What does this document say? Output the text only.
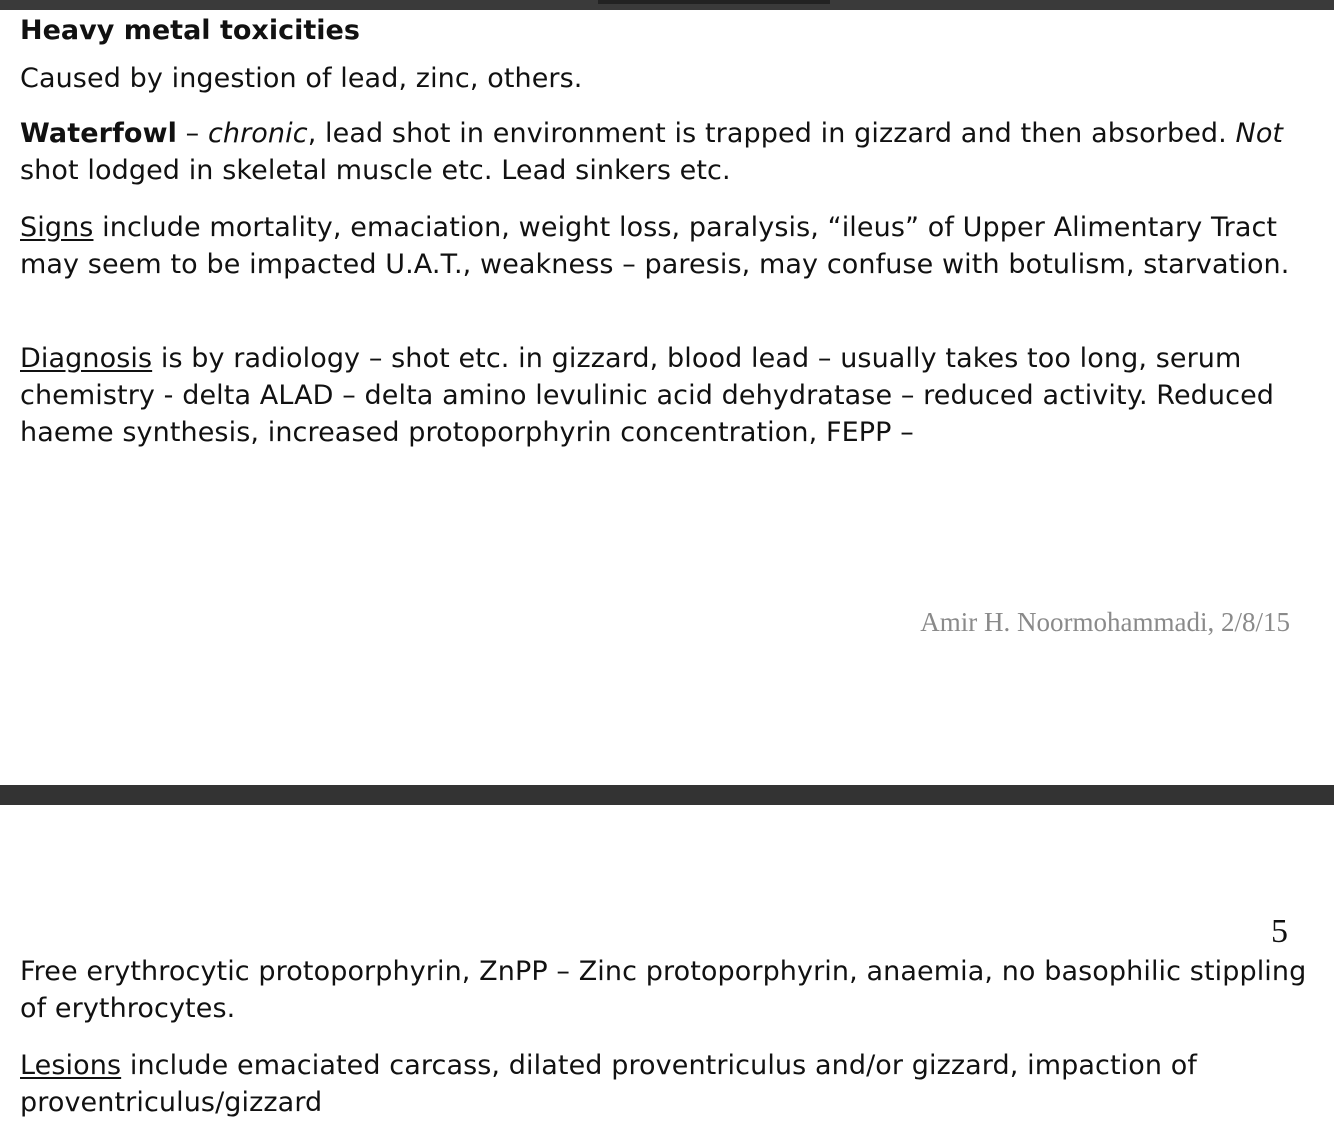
Heavy metal toxicities
Caused by ingestion of lead, zinc, others.
Waterfowl – chronic, lead shot in environment is trapped in gizzard and then absorbed. Not shot lodged in skeletal muscle etc. Lead sinkers etc.
Signs include mortality, emaciation, weight loss, paralysis, “ileus” of Upper Alimentary Tract may seem to be impacted U.A.T., weakness – paresis, may confuse with botulism, starvation.
Diagnosis is by radiology – shot etc. in gizzard, blood lead – usually takes too long, serum chemistry - delta ALAD – delta amino levulinic acid dehydratase – reduced activity. Reduced haeme synthesis, increased protoporphyrin concentration, FEPP –
Amir H. Noormohammadi, 2/8/15
5
Free erythrocytic protoporphyrin, ZnPP – Zinc protoporphyrin, anaemia, no basophilic stippling of erythrocytes.
Lesions include emaciated carcass, dilated proventriculus and/or gizzard, impaction of proventriculus/gizzard
